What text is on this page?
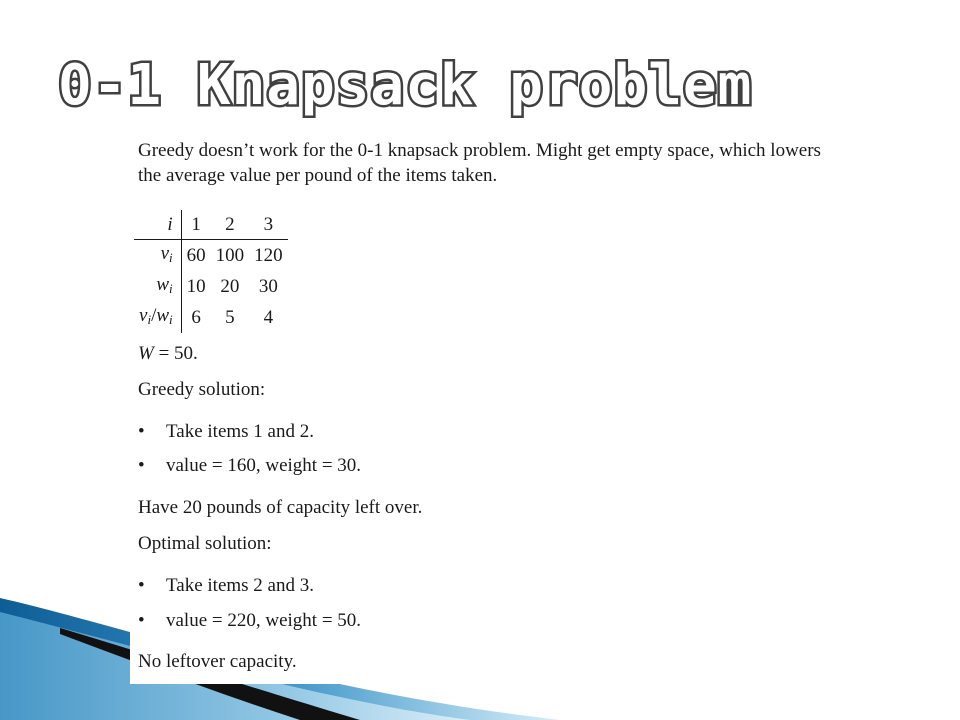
0-1 Knapsack problem

Greedy doesn’t work for the 0-1 knapsack problem. Might get empty space, which lowers the average value per pound of the items taken.

i	1	2	3
$v_i$	60	100	120
$w_i$	10	20	30
$v_i/w_i$	6	5	4

W = 50.

Greedy solution:

• Take items 1 and 2.

• value = 160, weight = 30.

Have 20 pounds of capacity left over.

Optimal solution:

• Take items 2 and 3.

• value = 220, weight = 50.

No leftover capacity.
